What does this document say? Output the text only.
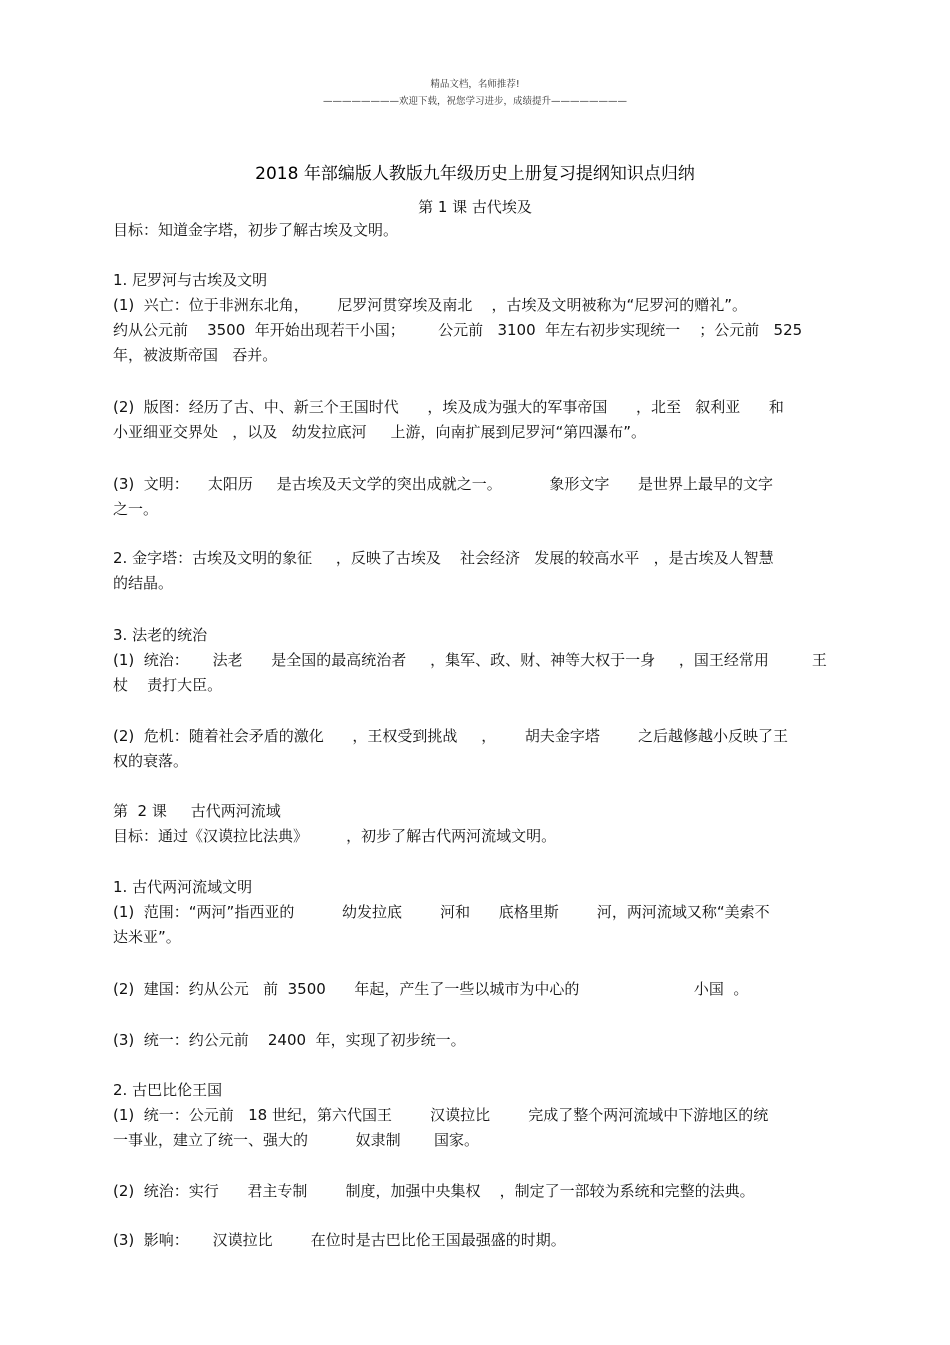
精品文档，名师推荐!
————————欢迎下载，祝您学习进步，成绩提升————————
2018 年部编版人教版九年级历史上册复习提纲知识点归纳
第 1 课 古代埃及
目标：知道金字塔，初步了解古埃及文明。
1. 尼罗河与古埃及文明
(1)  兴亡：位于非洲东北角，      尼罗河贯穿埃及南北    ，古埃及文明被称为“尼罗河的赠礼”。
约从公元前    3500  年开始出现若干小国；       公元前   3100  年左右初步实现统一    ；公元前   525
年，被波斯帝国   吞并。
(2)  版图：经历了古、中、新三个王国时代      ，埃及成为强大的军事帝国      ，北至   叙利亚      和
小亚细亚交界处   ，以及   幼发拉底河     上游，向南扩展到尼罗河“第四瀑布”。
(3)  文明：    太阳历     是古埃及天文学的突出成就之一。          象形文字      是世界上最早的文字
之一。
2. 金字塔：古埃及文明的象征     ，反映了古埃及    社会经济   发展的较高水平   ，是古埃及人智慧
的结晶。
3. 法老的统治
(1)  统治：     法老      是全国的最高统治者     ，集军、政、财、神等大权于一身     ，国王经常用         王
杖    责打大臣。
(2)  危机：随着社会矛盾的激化      ，王权受到挑战     ，      胡夫金字塔        之后越修越小反映了王
权的衰落。
第  2 课     古代两河流域
目标：通过《汉谟拉比法典》        ，初步了解古代两河流域文明。
1. 古代两河流域文明
(1)  范围：“两河”指西亚的          幼发拉底        河和      底格里斯        河，两河流域又称“美索不
达米亚”。
(2)  建国：约从公元   前  3500      年起，产生了一些以城市为中心的                        小国  。
(3)  统一：约公元前    2400  年，实现了初步统一。
2. 古巴比伦王国
(1)  统一：公元前   18 世纪，第六代国王        汉谟拉比        完成了整个两河流域中下游地区的统
一事业，建立了统一、强大的          奴隶制       国家。
(2)  统治：实行      君主专制        制度，加强中央集权    ，制定了一部较为系统和完整的法典。
(3)  影响：     汉谟拉比        在位时是古巴比伦王国最强盛的时期。
